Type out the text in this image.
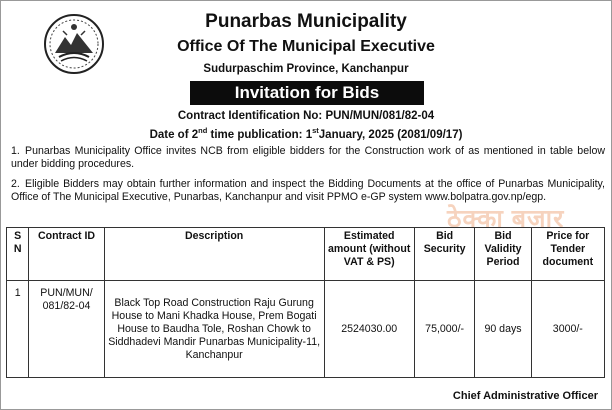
Punarbas Municipality
Office Of The Municipal Executive
Sudurpaschim Province, Kanchanpur
Invitation for Bids
Contract Identification No: PUN/MUN/081/82-04
Date of 2nd time publication: 1stJanuary, 2025 (2081/09/17)
1. Punarbas Municipality Office invites NCB from eligible bidders for the Construction work of as mentioned in table below under bidding procedures.
2. Eligible Bidders may obtain further information and inspect the Bidding Documents at the office of Punarbas Municipality, Office of The Municipal Executive, Punarbas, Kanchanpur and visit PPMO e-GP system www.bolpatra.gov.np/egp.
ठेक्का बजार
S N	Contract ID	Description	Estimated amount (without VAT & PS)	Bid Security	Bid Validity Period	Price for Tender document
1	PUN/MUN/ 081/82-04	Black Top Road Construction Raju Gurung House to Mani Khadka House, Prem Bogati House to Baudha Tole, Roshan Chowk to Siddhadevi Mandir Punarbas Municipality-11, Kanchanpur	2524030.00	75,000/-	90 days	3000/-
Chief Administrative Officer
